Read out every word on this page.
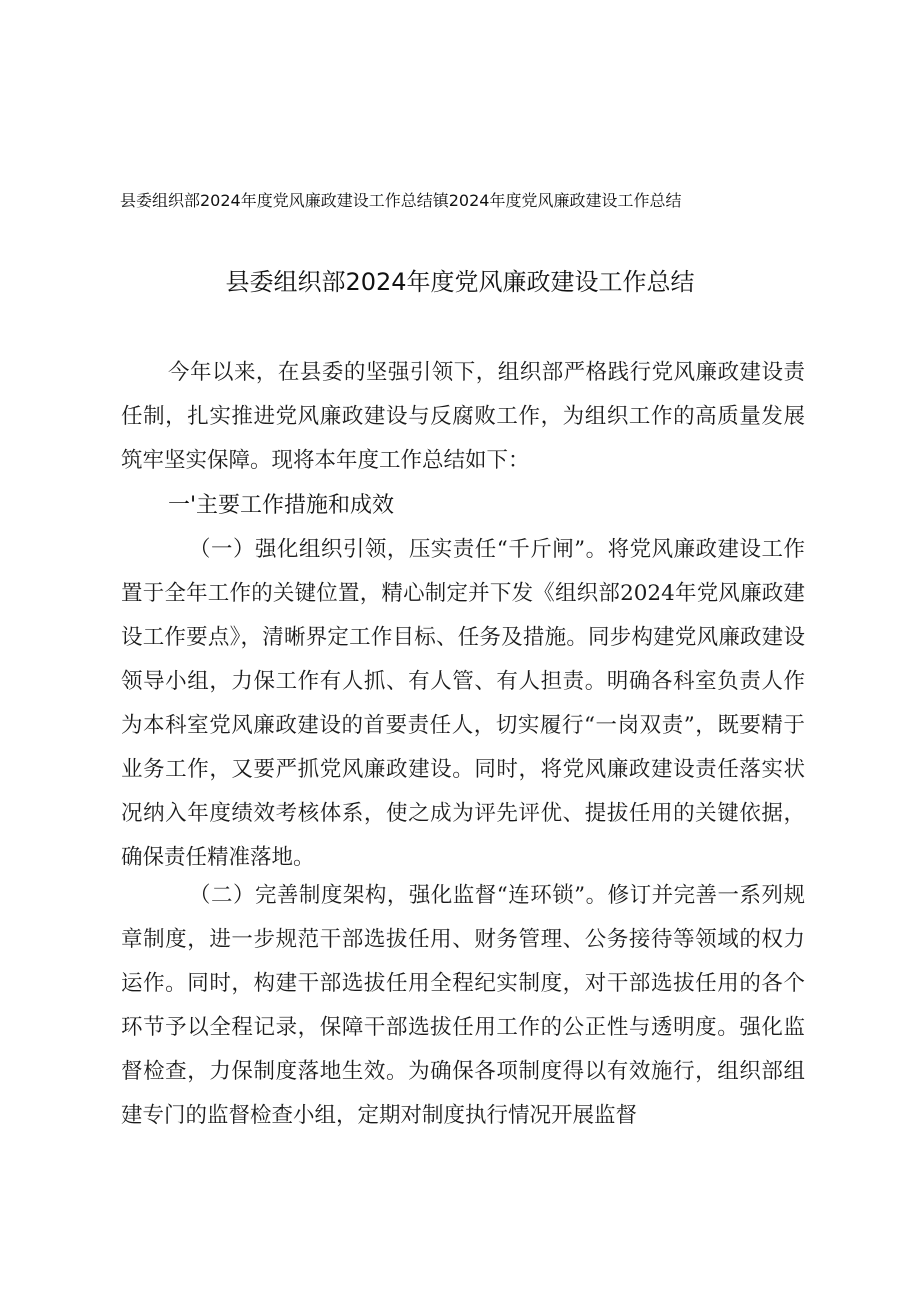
县委组织部2024年度党风廉政建设工作总结镇2024年度党风廉政建设工作总结
县委组织部2024年度党风廉政建设工作总结
今年以来，在县委的坚强引领下，组织部严格践行党风廉政建设责任制，扎实推进党风廉政建设与反腐败工作，为组织工作的高质量发展筑牢坚实保障。现将本年度工作总结如下：
一'主要工作措施和成效
（一）强化组织引领，压实责任“千斤闸”。将党风廉政建设工作置于全年工作的关键位置，精心制定并下发《组织部2024年党风廉政建设工作要点》，清晰界定工作目标、任务及措施。同步构建党风廉政建设领导小组，力保工作有人抓、有人管、有人担责。明确各科室负责人作为本科室党风廉政建设的首要责任人，切实履行“一岗双责”，既要精于业务工作，又要严抓党风廉政建设。同时，将党风廉政建设责任落实状况纳入年度绩效考核体系，使之成为评先评优、提拔任用的关键依据，确保责任精准落地。
（二）完善制度架构，强化监督“连环锁”。修订并完善一系列规章制度，进一步规范干部选拔任用、财务管理、公务接待等领域的权力运作。同时，构建干部选拔任用全程纪实制度，对干部选拔任用的各个环节予以全程记录，保障干部选拔任用工作的公正性与透明度。强化监督检查，力保制度落地生效。为确保各项制度得以有效施行，组织部组建专门的监督检查小组，定期对制度执行情况开展监督
